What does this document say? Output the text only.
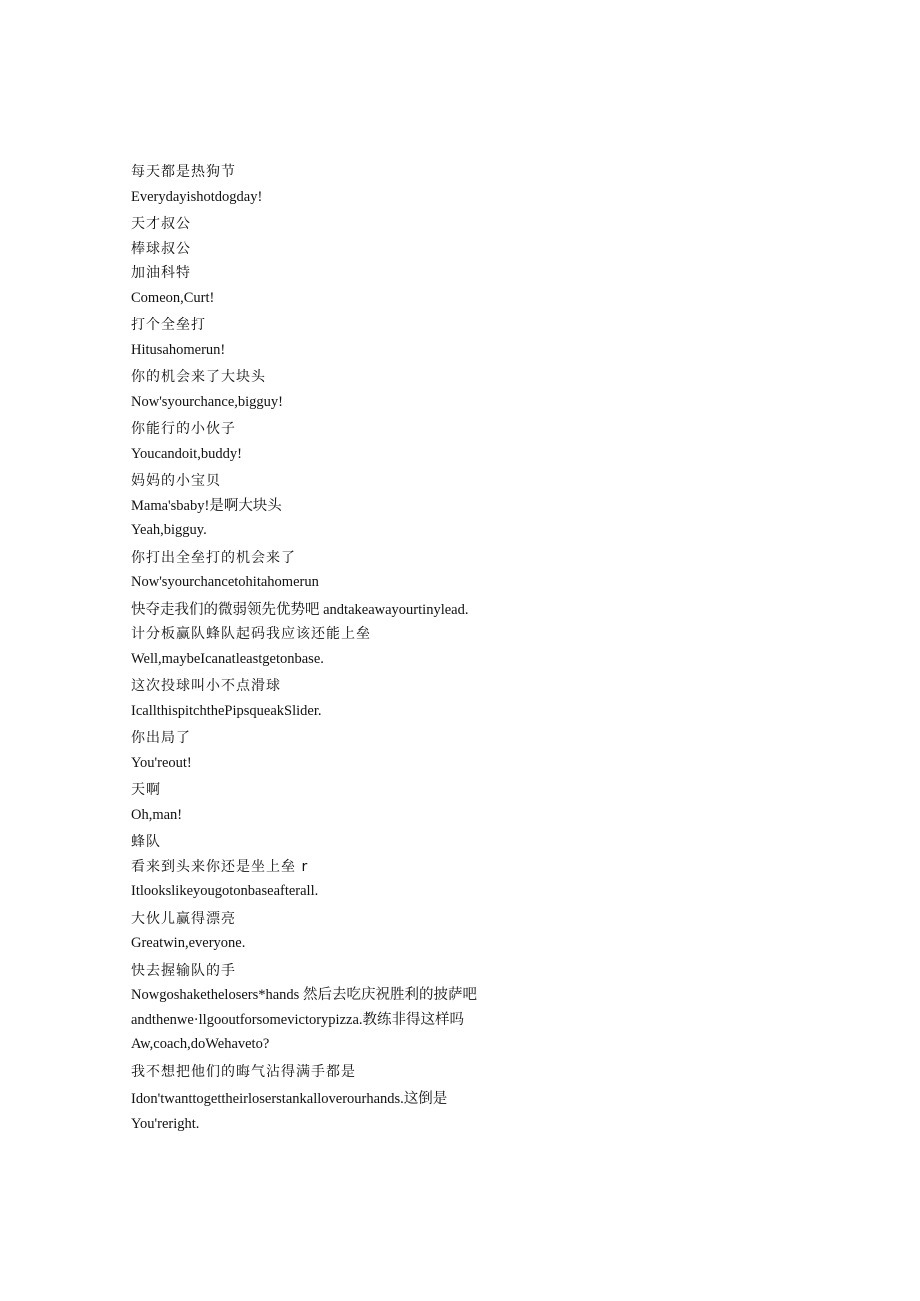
每天都是热狗节
Everydayishotdogday!
天才叔公
棒球叔公
加油科特
Comeon,Curt!
打个全垒打
Hitusahomerun!
你的机会来了大块头
Now'syourchance,bigguy!
你能行的小伙子
Youcandoit,buddy!
妈妈的小宝贝
Mama'sbaby!是啊大块头
Yeah,bigguy.
你打出全垒打的机会来了
Now'syourchancetohitahomerun
快夺走我们的微弱领先优势吧 andtakeawayourtinylead.
计分板赢队蜂队起码我应该还能上垒
Well,maybeIcanatleastgetonbase.
这次投球叫小不点滑球
IcallthispitchthePipsqueakSlider.
你出局了
You'reout!
天啊
Oh,man!
蜂队
看来到头来你还是坐上垒 r
Itlookslikeyougotonbaseafterall.
大伙儿赢得漂亮
Greatwin,everyone.
快去握输队的手
Nowgoshakethelosers*hands 然后去吃庆祝胜利的披萨吧
andthenwe·llgooutforsomevictorypizza.教练非得这样吗
Aw,coach,doWehaveto?
我不想把他们的晦气沾得满手都是
Idon'twanttogettheirloserstankalloverourhands.这倒是
You'reright.
